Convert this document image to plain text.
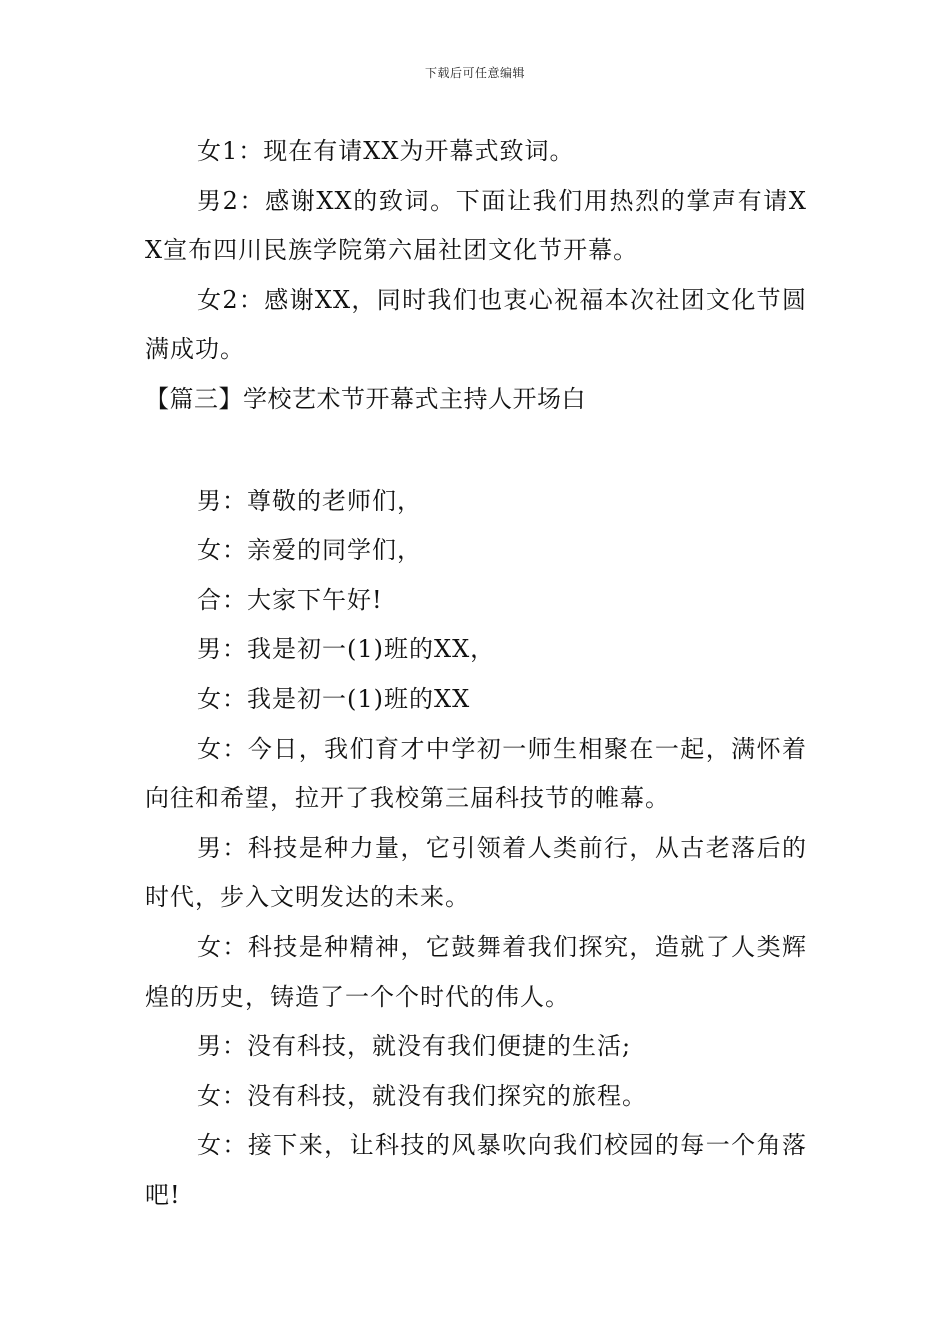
下载后可任意编辑

女1：现在有请XX为开幕式致词。

男2：感谢XX的致词。下面让我们用热烈的掌声有请XX宣布四川民族学院第六届社团文化节开幕。

女2：感谢XX，同时我们也衷心祝福本次社团文化节圆满成功。

【篇三】学校艺术节开幕式主持人开场白

男：尊敬的老师们，

女：亲爱的同学们，

合：大家下午好!

男：我是初一(1)班的XX，

女：我是初一(1)班的XX

女：今日，我们育才中学初一师生相聚在一起，满怀着向往和希望，拉开了我校第三届科技节的帷幕。

男：科技是种力量，它引领着人类前行，从古老落后的时代，步入文明发达的未来。

女：科技是种精神，它鼓舞着我们探究，造就了人类辉煌的历史，铸造了一个个时代的伟人。

男：没有科技，就没有我们便捷的生活;

女：没有科技，就没有我们探究的旅程。

女：接下来，让科技的风暴吹向我们校园的每一个角落吧!
